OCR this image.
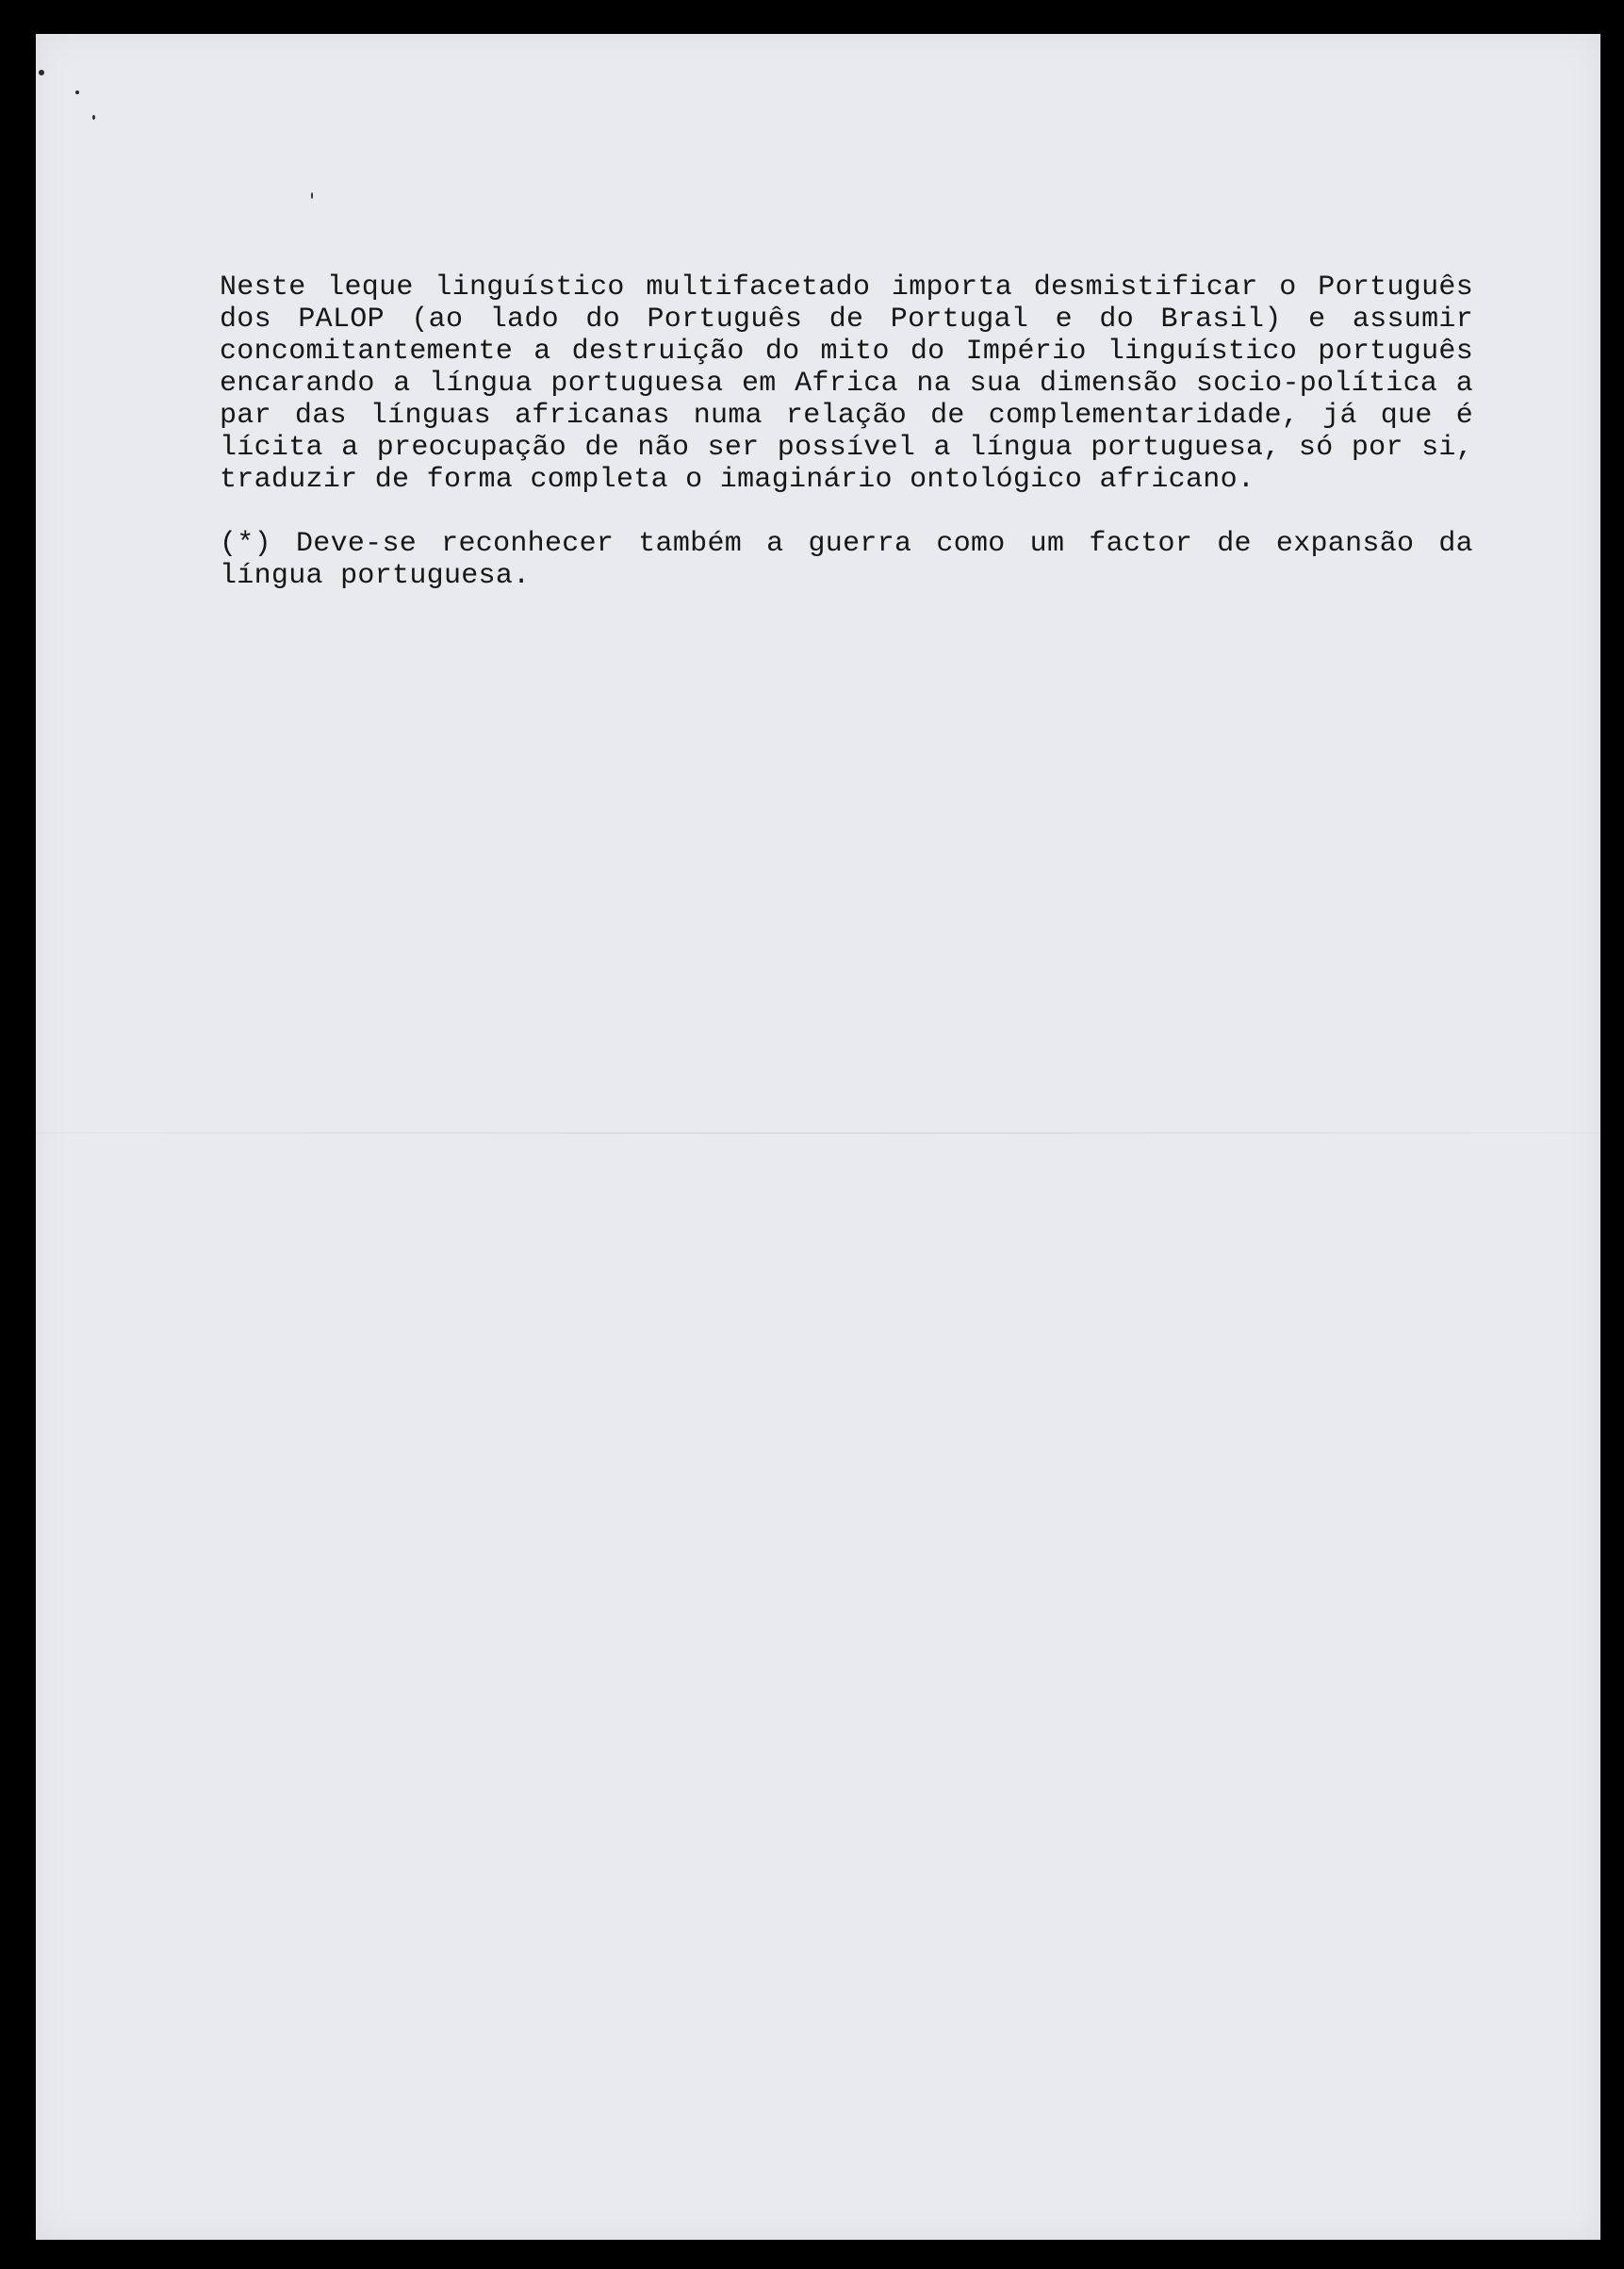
Neste leque linguístico multifacetado importa desmistificar o Português dos PALOP (ao lado do Português de Portugal e do Brasil) e assumir concomitantemente a destruição do mito do Império linguístico português encarando a língua portuguesa em Africa na sua dimensão socio-política a par das línguas africanas numa relação de complementaridade, já que é lícita a preocupação de não ser possível a língua portuguesa, só por si, traduzir de forma completa o imaginário ontológico africano.

(*) Deve-se reconhecer também a guerra como um factor de expansão da língua portuguesa.
